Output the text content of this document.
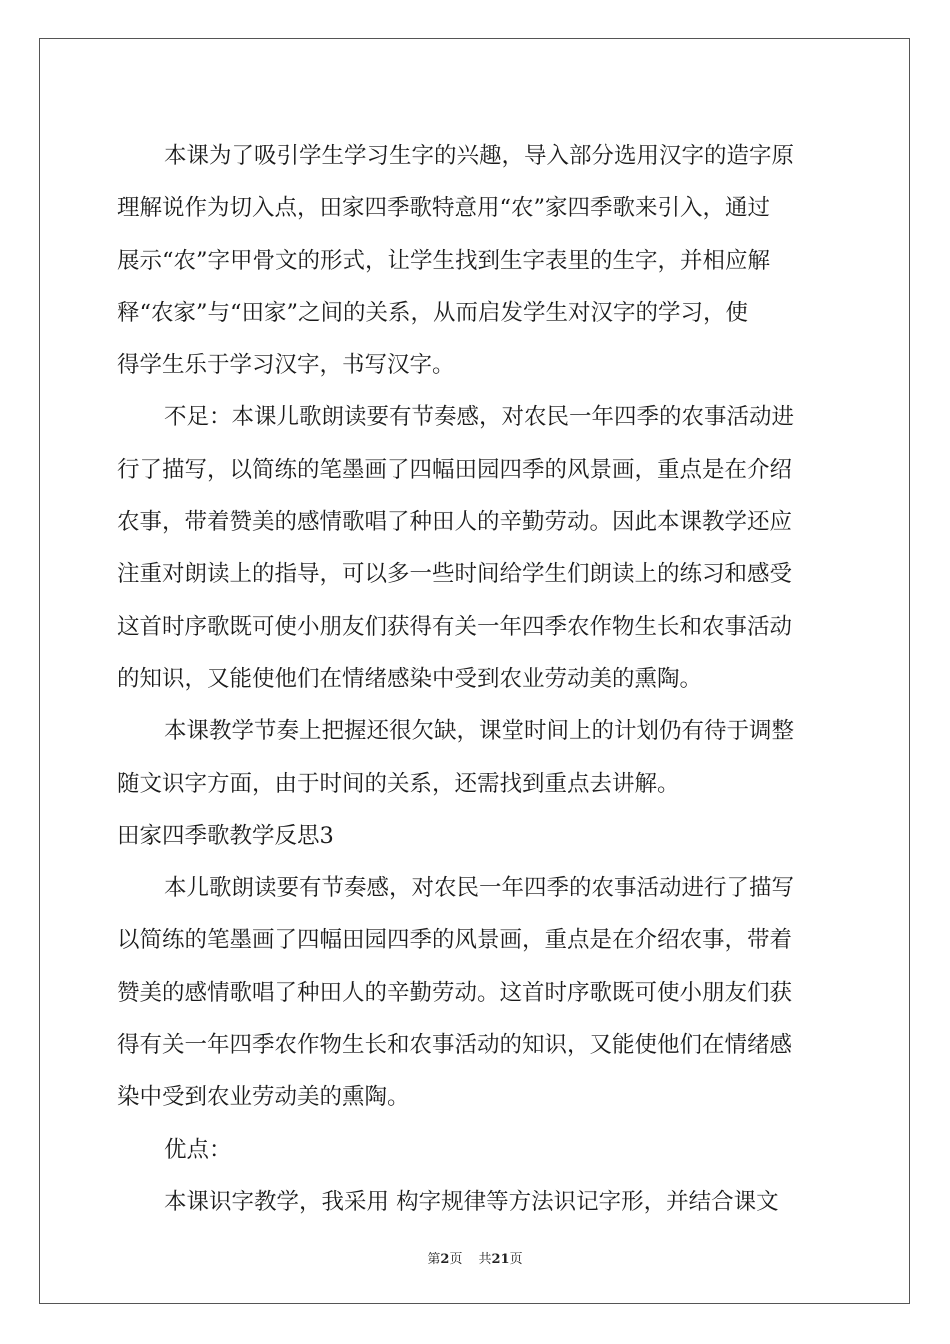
本课为了吸引学生学习生字的兴趣，导入部分选用汉字的造字原
理解说作为切入点，田家四季歌特意用“农”家四季歌来引入，通过
展示“农”字甲骨文的形式，让学生找到生字表里的生字，并相应解
释“农家”与“田家”之间的关系，从而启发学生对汉字的学习，使
得学生乐于学习汉字，书写汉字。
不足：本课儿歌朗读要有节奏感，对农民一年四季的农事活动进
行了描写，以简练的笔墨画了四幅田园四季的风景画，重点是在介绍
农事，带着赞美的感情歌唱了种田人的辛勤劳动。因此本课教学还应
注重对朗读上的指导，可以多一些时间给学生们朗读上的练习和感受
这首时序歌既可使小朋友们获得有关一年四季农作物生长和农事活动
的知识，又能使他们在情绪感染中受到农业劳动美的熏陶。
本课教学节奏上把握还很欠缺，课堂时间上的计划仍有待于调整
随文识字方面，由于时间的关系，还需找到重点去讲解。
田家四季歌教学反思3
本儿歌朗读要有节奏感，对农民一年四季的农事活动进行了描写
以简练的笔墨画了四幅田园四季的风景画，重点是在介绍农事，带着
赞美的感情歌唱了种田人的辛勤劳动。这首时序歌既可使小朋友们获
得有关一年四季农作物生长和农事活动的知识，又能使他们在情绪感
染中受到农业劳动美的熏陶。
优点：
本课识字教学，我采用 构字规律等方法识记字形，并结合课文
第2页 共21页
